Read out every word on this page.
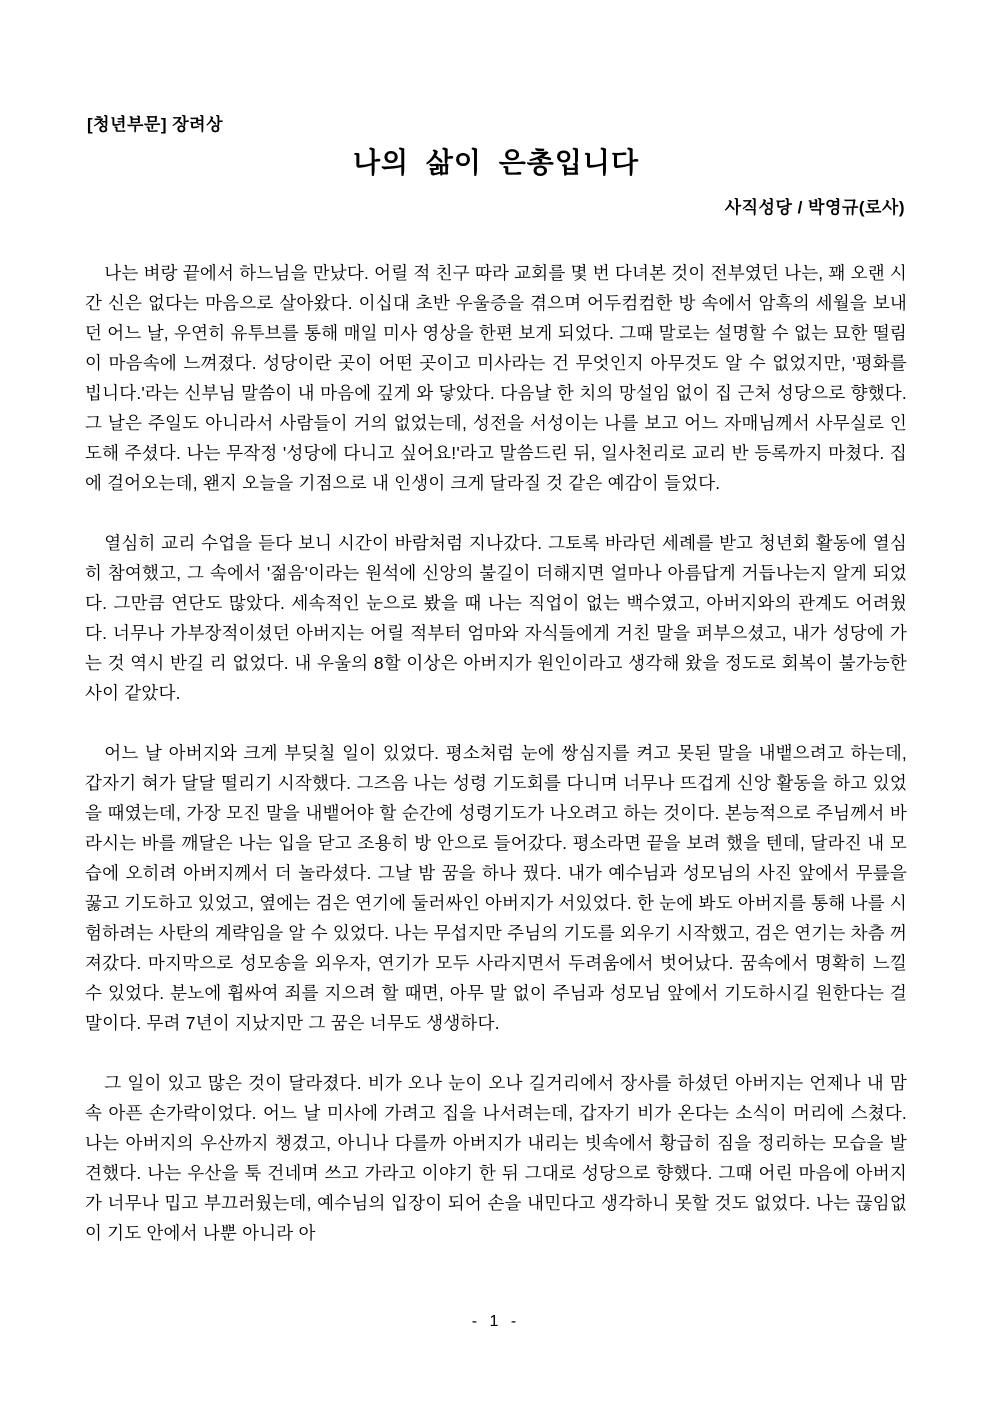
[청년부문] 장려상
나의 삶이 은총입니다
사직성당 / 박영규(로사)

나는 벼랑 끝에서 하느님을 만났다. 어릴 적 친구 따라 교회를 몇 번 다녀본 것이 전부였던 나는, 꽤 오랜 시간 신은 없다는 마음으로 살아왔다. 이십대 초반 우울증을 겪으며 어두컴컴한 방 속에서 암흑의 세월을 보내던 어느 날, 우연히 유투브를 통해 매일 미사 영상을 한편 보게 되었다. 그때 말로는 설명할 수 없는 묘한 떨림이 마음속에 느껴졌다. 성당이란 곳이 어떤 곳이고 미사라는 건 무엇인지 아무것도 알 수 없었지만, '평화를 빕니다.'라는 신부님 말씀이 내 마음에 깊게 와 닿았다. 다음날 한 치의 망설임 없이 집 근처 성당으로 향했다. 그 날은 주일도 아니라서 사람들이 거의 없었는데, 성전을 서성이는 나를 보고 어느 자매님께서 사무실로 인도해 주셨다. 나는 무작정 '성당에 다니고 싶어요!'라고 말씀드린 뒤, 일사천리로 교리 반 등록까지 마쳤다. 집에 걸어오는데, 왠지 오늘을 기점으로 내 인생이 크게 달라질 것 같은 예감이 들었다.

열심히 교리 수업을 듣다 보니 시간이 바람처럼 지나갔다. 그토록 바라던 세례를 받고 청년회 활동에 열심히 참여했고, 그 속에서 '젊음'이라는 원석에 신앙의 불길이 더해지면 얼마나 아름답게 거듭나는지 알게 되었다. 그만큼 연단도 많았다. 세속적인 눈으로 봤을 때 나는 직업이 없는 백수였고, 아버지와의 관계도 어려웠다. 너무나 가부장적이셨던 아버지는 어릴 적부터 엄마와 자식들에게 거친 말을 퍼부으셨고, 내가 성당에 가는 것 역시 반길 리 없었다. 내 우울의 8할 이상은 아버지가 원인이라고 생각해 왔을 정도로 회복이 불가능한 사이 같았다.

어느 날 아버지와 크게 부딪칠 일이 있었다. 평소처럼 눈에 쌍심지를 켜고 못된 말을 내뱉으려고 하는데, 갑자기 혀가 달달 떨리기 시작했다. 그즈음 나는 성령 기도회를 다니며 너무나 뜨겁게 신앙 활동을 하고 있었을 때였는데, 가장 모진 말을 내뱉어야 할 순간에 성령기도가 나오려고 하는 것이다. 본능적으로 주님께서 바라시는 바를 깨달은 나는 입을 닫고 조용히 방 안으로 들어갔다. 평소라면 끝을 보려 했을 텐데, 달라진 내 모습에 오히려 아버지께서 더 놀라셨다. 그날 밤 꿈을 하나 꿨다. 내가 예수님과 성모님의 사진 앞에서 무릎을 꿇고 기도하고 있었고, 옆에는 검은 연기에 둘러싸인 아버지가 서있었다. 한 눈에 봐도 아버지를 통해 나를 시험하려는 사탄의 계략임을 알 수 있었다. 나는 무섭지만 주님의 기도를 외우기 시작했고, 검은 연기는 차츰 꺼져갔다. 마지막으로 성모송을 외우자, 연기가 모두 사라지면서 두려움에서 벗어났다. 꿈속에서 명확히 느낄 수 있었다. 분노에 휩싸여 죄를 지으려 할 때면, 아무 말 없이 주님과 성모님 앞에서 기도하시길 원한다는 걸 말이다. 무려 7년이 지났지만 그 꿈은 너무도 생생하다.

그 일이 있고 많은 것이 달라졌다. 비가 오나 눈이 오나 길거리에서 장사를 하셨던 아버지는 언제나 내 맘 속 아픈 손가락이었다. 어느 날 미사에 가려고 집을 나서려는데, 갑자기 비가 온다는 소식이 머리에 스쳤다. 나는 아버지의 우산까지 챙겼고, 아니나 다를까 아버지가 내리는 빗속에서 황급히 짐을 정리하는 모습을 발견했다. 나는 우산을 툭 건네며 쓰고 가라고 이야기 한 뒤 그대로 성당으로 향했다. 그때 어린 마음에 아버지가 너무나 밉고 부끄러웠는데, 예수님의 입장이 되어 손을 내민다고 생각하니 못할 것도 없었다. 나는 끊임없이 기도 안에서 나뿐 아니라 아

- 1 -
